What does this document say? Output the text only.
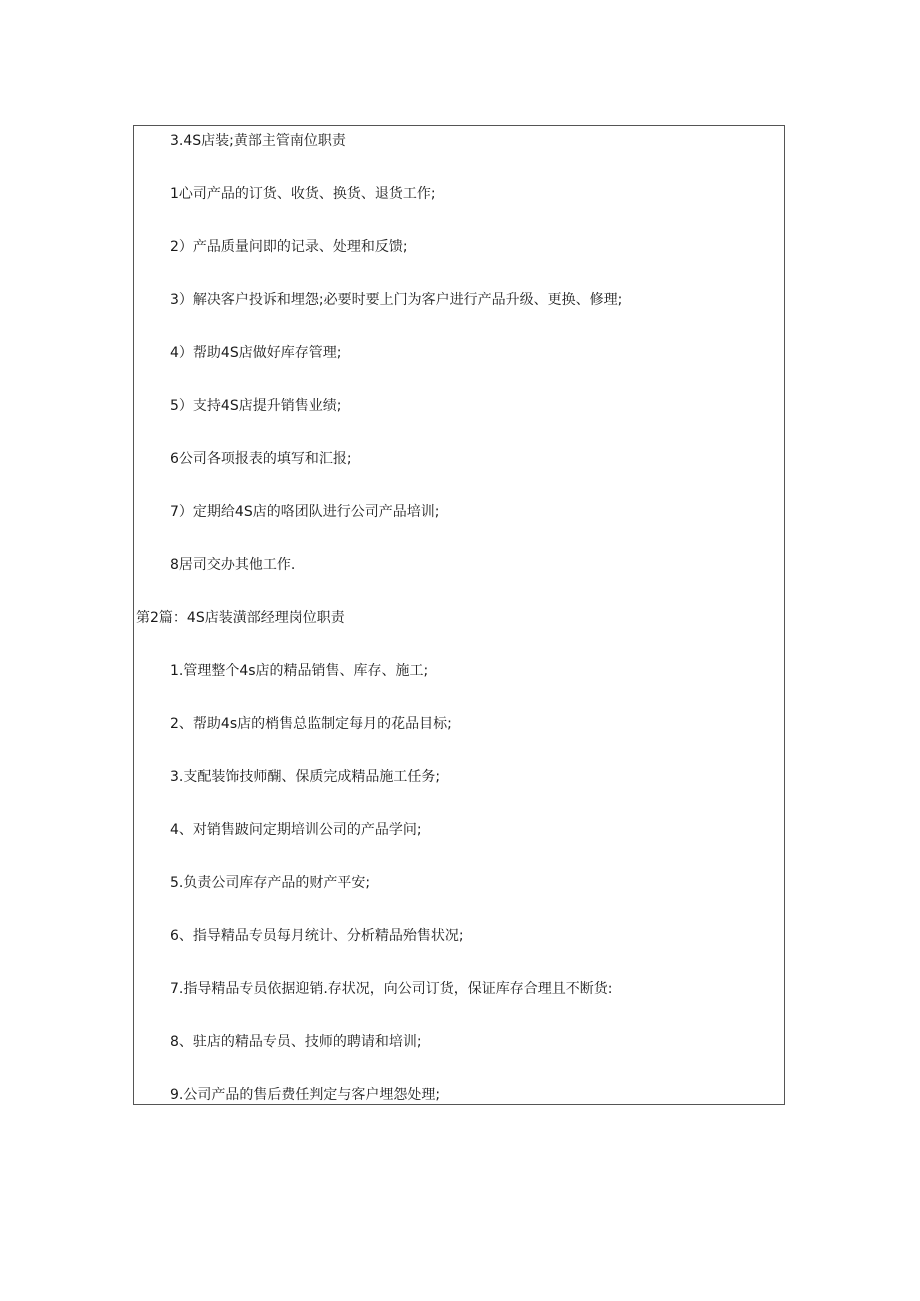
3.4S店装;黄部主管南位职责
1心司产品的订货、收货、换货、退货工作;
2）产品质量问即的记录、处理和反馈;
3）解决客户投诉和埋怨;必要时要上门为客户进行产品升级、更换、修理;
4）帮助4S店做好库存管理;
5）支持4S店提升销售业绩;
6公司各项报表的填写和汇报;
7）定期给4S店的咯团队进行公司产品培训;
8居司交办其他工作.
第2篇：4S店装潢部经理岗位职责
1.管理整个4s店的精品销售、库存、施工;
2、帮助4s店的梢售总监制定每月的花品目标;
3.支配装饰技师醐、保质完成精品施工任务;
4、对销售跛问定期培训公司的产品学问;
5.负责公司库存产品的财产平安;
6、指导精品专员每月统计、分析精品殆售状况;
7.指导精品专员依据迎销.存状况，向公司订货，保证库存合理且不断货:
8、驻店的精品专员、技师的聘请和培训;
9.公司产品的售后费任判定与客户埋怨处理;
